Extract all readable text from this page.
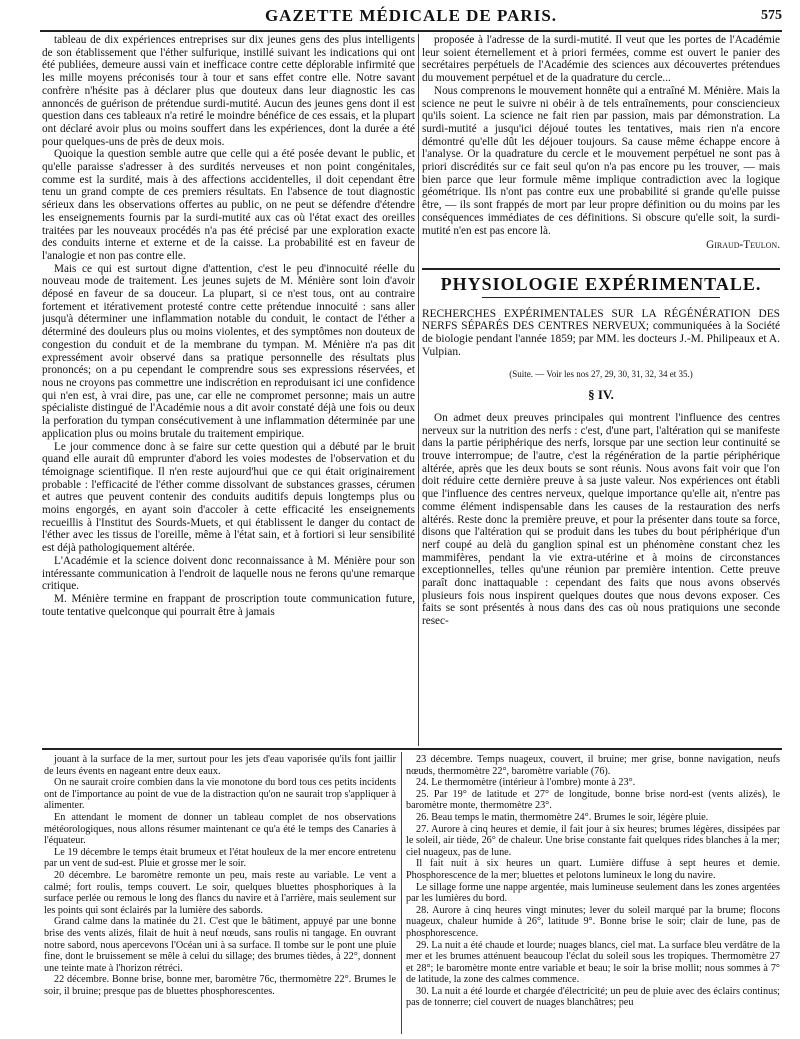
GAZETTE MÉDICALE DE PARIS.	575

tableau de dix expériences entreprises sur dix jeunes gens des plus intelligents de son établissement que l'éther sulfurique, instillé suivant les indications qui ont été publiées, demeure aussi vain et inefficace contre cette déplorable infirmité que les mille moyens préconisés tour à tour et sans effet contre elle. Notre savant confrère n'hésite pas à déclarer plus que douteux dans leur diagnostic les cas annoncés de guérison de prétendue surdi-mutité. Aucun des jeunes gens dont il est question dans ces tableaux n'a retiré le moindre bénéfice de ces essais, et la plupart ont déclaré avoir plus ou moins souffert dans les expériences, dont la durée a été pour quelques-uns de près de deux mois.

Quoique la question semble autre que celle qui a été posée devant le public, et qu'elle paraisse s'adresser à des surdités nerveuses et non point congénitales, comme est la surdité, mais à des affections accidentelles, il doit cependant être tenu un grand compte de ces premiers résultats. En l'absence de tout diagnostic sérieux dans les observations offertes au public, on ne peut se défendre d'étendre les enseignements fournis par la surdi-mutité aux cas où l'état exact des oreilles traitées par les nouveaux procédés n'a pas été précisé par une exploration exacte des conduits interne et externe et de la caisse. La probabilité est en faveur de l'analogie et non pas contre elle.

Mais ce qui est surtout digne d'attention, c'est le peu d'innocuité réelle du nouveau mode de traitement. Les jeunes sujets de M. Ménière sont loin d'avoir déposé en faveur de sa douceur. La plupart, si ce n'est tous, ont au contraire fortement et itérativement protesté contre cette prétendue innocuité : sans aller jusqu'à déterminer une inflammation notable du conduit, le contact de l'éther a déterminé des douleurs plus ou moins violentes, et des symptômes non douteux de congestion du conduit et de la membrane du tympan. M. Ménière n'a pas dit expressément avoir observé dans sa pratique personnelle des résultats plus prononcés; on a pu cependant le comprendre sous ses expressions réservées, et nous ne croyons pas commettre une indiscrétion en reproduisant ici une confidence qui n'en est, à vrai dire, pas une, car elle ne compromet personne; mais un autre spécialiste distingué de l'Académie nous a dit avoir constaté déjà une fois ou deux la perforation du tympan consécutivement à une inflammation déterminée par une application plus ou moins brutale du traitement empirique.

Le jour commence donc à se faire sur cette question qui a débuté par le bruit quand elle aurait dû emprunter d'abord les voies modestes de l'observation et du témoignage scientifique. Il n'en reste aujourd'hui que ce qui était originairement probable : l'efficacité de l'éther comme dissolvant de substances grasses, cérumen et autres que peuvent contenir des conduits auditifs depuis longtemps plus ou moins engorgés, en ayant soin d'accoler à cette efficacité les enseignements recueillis à l'Institut des Sourds-Muets, et qui établissent le danger du contact de l'éther avec les tissus de l'oreille, même à l'état sain, et à fortiori si leur sensibilité est déjà pathologiquement altérée.

L'Académie et la science doivent donc reconnaissance à M. Ménière pour son intéressante communication à l'endroit de laquelle nous ne ferons qu'une remarque critique.

M. Ménière termine en frappant de proscription toute communication future, toute tentative quelconque qui pourrait être à jamais

proposée à l'adresse de la surdi-mutité. Il veut que les portes de l'Académie leur soient éternellement et à priori fermées, comme est ouvert le panier des secrétaires perpétuels de l'Académie des sciences aux découvertes prétendues du mouvement perpétuel et de la quadrature du cercle...

Nous comprenons le mouvement honnête qui a entraîné M. Ménière. Mais la science ne peut le suivre ni obéir à de tels entraînements, pour consciencieux qu'ils soient. La science ne fait rien par passion, mais par démonstration. La surdi-mutité a jusqu'ici déjoué toutes les tentatives, mais rien n'a encore démontré qu'elle dût les déjouer toujours. Sa cause même échappe encore à l'analyse. Or la quadrature du cercle et le mouvement perpétuel ne sont pas à priori discrédités sur ce fait seul qu'on n'a pas encore pu les trouver, — mais bien parce que leur formule même implique contradiction avec la logique géométrique. Ils n'ont pas contre eux une probabilité si grande qu'elle puisse être, — ils sont frappés de mort par leur propre définition ou du moins par les conséquences immédiates de ces définitions. Si obscure qu'elle soit, la surdi-mutité n'en est pas encore là.

Giraud-Teulon.
PHYSIOLOGIE EXPÉRIMENTALE.

RECHERCHES EXPÉRIMENTALES SUR LA RÉGÉNÉRATION DES NERFS SÉPARÉS DES CENTRES NERVEUX; communiquées à la Société de biologie pendant l'année 1859; par MM. les docteurs J.-M. Philipeaux et A. Vulpian.

(Suite. — Voir les nos 27, 29, 30, 31, 32, 34 et 35.)

§ IV.

On admet deux preuves principales qui montrent l'influence des centres nerveux sur la nutrition des nerfs : c'est, d'une part, l'altération qui se manifeste dans la partie périphérique des nerfs, lorsque par une section leur continuité se trouve interrompue; de l'autre, c'est la régénération de la partie périphérique altérée, après que les deux bouts se sont réunis. Nous avons fait voir que l'on doit réduire cette dernière preuve à sa juste valeur. Nos expériences ont établi que l'influence des centres nerveux, quelque importance qu'elle ait, n'entre pas comme élément indispensable dans les causes de la restauration des nerfs altérés. Reste donc la première preuve, et pour la présenter dans toute sa force, disons que l'altération qui se produit dans les tubes du bout périphérique d'un nerf coupé au delà du ganglion spinal est un phénomène constant chez les mammifères, pendant la vie extra-utérine et à moins de circonstances exceptionnelles, telles qu'une réunion par première intention. Cette preuve paraît donc inattaquable : cependant des faits que nous avons observés plusieurs fois nous inspirent quelques doutes que nous devons exposer. Ces faits se sont présentés à nous dans des cas où nous pratiquions une seconde resec-

jouant à la surface de la mer, surtout pour les jets d'eau vaporisée qu'ils font jaillir de leurs évents en nageant entre deux eaux.

On ne saurait croire combien dans la vie monotone du bord tous ces petits incidents ont de l'importance au point de vue de la distraction qu'on ne saurait trop s'appliquer à alimenter.

En attendant le moment de donner un tableau complet de nos observations météorologiques, nous allons résumer maintenant ce qu'a été le temps des Canaries à l'équateur.

Le 19 décembre le temps était brumeux et l'état houleux de la mer encore entretenu par un vent de sud-est. Pluie et grosse mer le soir.

20 décembre. Le baromètre remonte un peu, mais reste au variable. Le vent a calmé; fort roulis, temps couvert. Le soir, quelques bluettes phosphoriques à la surface perlée ou remous le long des flancs du navire et à l'arrière, mais seulement sur les points qui sont éclairés par la lumière des sabords.

Grand calme dans la matinée du 21. C'est que le bâtiment, appuyé par une bonne brise des vents alizés, filait de huit à neuf nœuds, sans roulis ni tangage. En ouvrant notre sabord, nous apercevons l'Océan uni à sa surface. Il tombe sur le pont une pluie fine, dont le bruissement se mêle à celui du sillage; des brumes tièdes, à 22°, donnent une teinte mate à l'horizon rétréci.

22 décembre. Bonne brise, bonne mer, baromètre 76c, thermomètre 22°. Brumes le soir, il bruine; presque pas de bluettes phosphorescentes.

23 décembre. Temps nuageux, couvert, il bruine; mer grise, bonne navigation, neufs nœuds, thermomètre 22°, baromètre variable (76).

24. Le thermomètre (intérieur à l'ombre) monte à 23°.

25. Par 19° de latitude et 27° de longitude, bonne brise nord-est (vents alizés), le baromètre monte, thermomètre 23°.

26. Beau temps le matin, thermomètre 24°. Brumes le soir, légère pluie.

27. Aurore à cinq heures et demie, il fait jour à six heures; brumes légères, dissipées par le soleil, air tiède, 26° de chaleur. Une brise constante fait quelques rides blanches à la mer; ciel nuageux, pas de lune.

Il fait nuit à six heures un quart. Lumière diffuse à sept heures et demie. Phosphorescence de la mer; bluettes et pelotons lumineux le long du navire.

Le sillage forme une nappe argentée, mais lumineuse seulement dans les zones argentées par les lumières du bord.

28. Aurore à cinq heures vingt minutes; lever du soleil marqué par la brume; flocons nuageux, chaleur humide à 26°, latitude 9°. Bonne brise le soir; clair de lune, pas de phosphorescence.

29. La nuit a été chaude et lourde; nuages blancs, ciel mat. La surface bleu verdâtre de la mer et les brumes atténuent beaucoup l'éclat du soleil sous les tropiques. Thermomètre 27 et 28°; le baromètre monte entre variable et beau; le soir la brise mollit; nous sommes à 7° de latitude, la zone des calmes commence.

30. La nuit a été lourde et chargée d'électricité; un peu de pluie avec des éclairs continus; pas de tonnerre; ciel couvert de nuages blanchâtres; peu
